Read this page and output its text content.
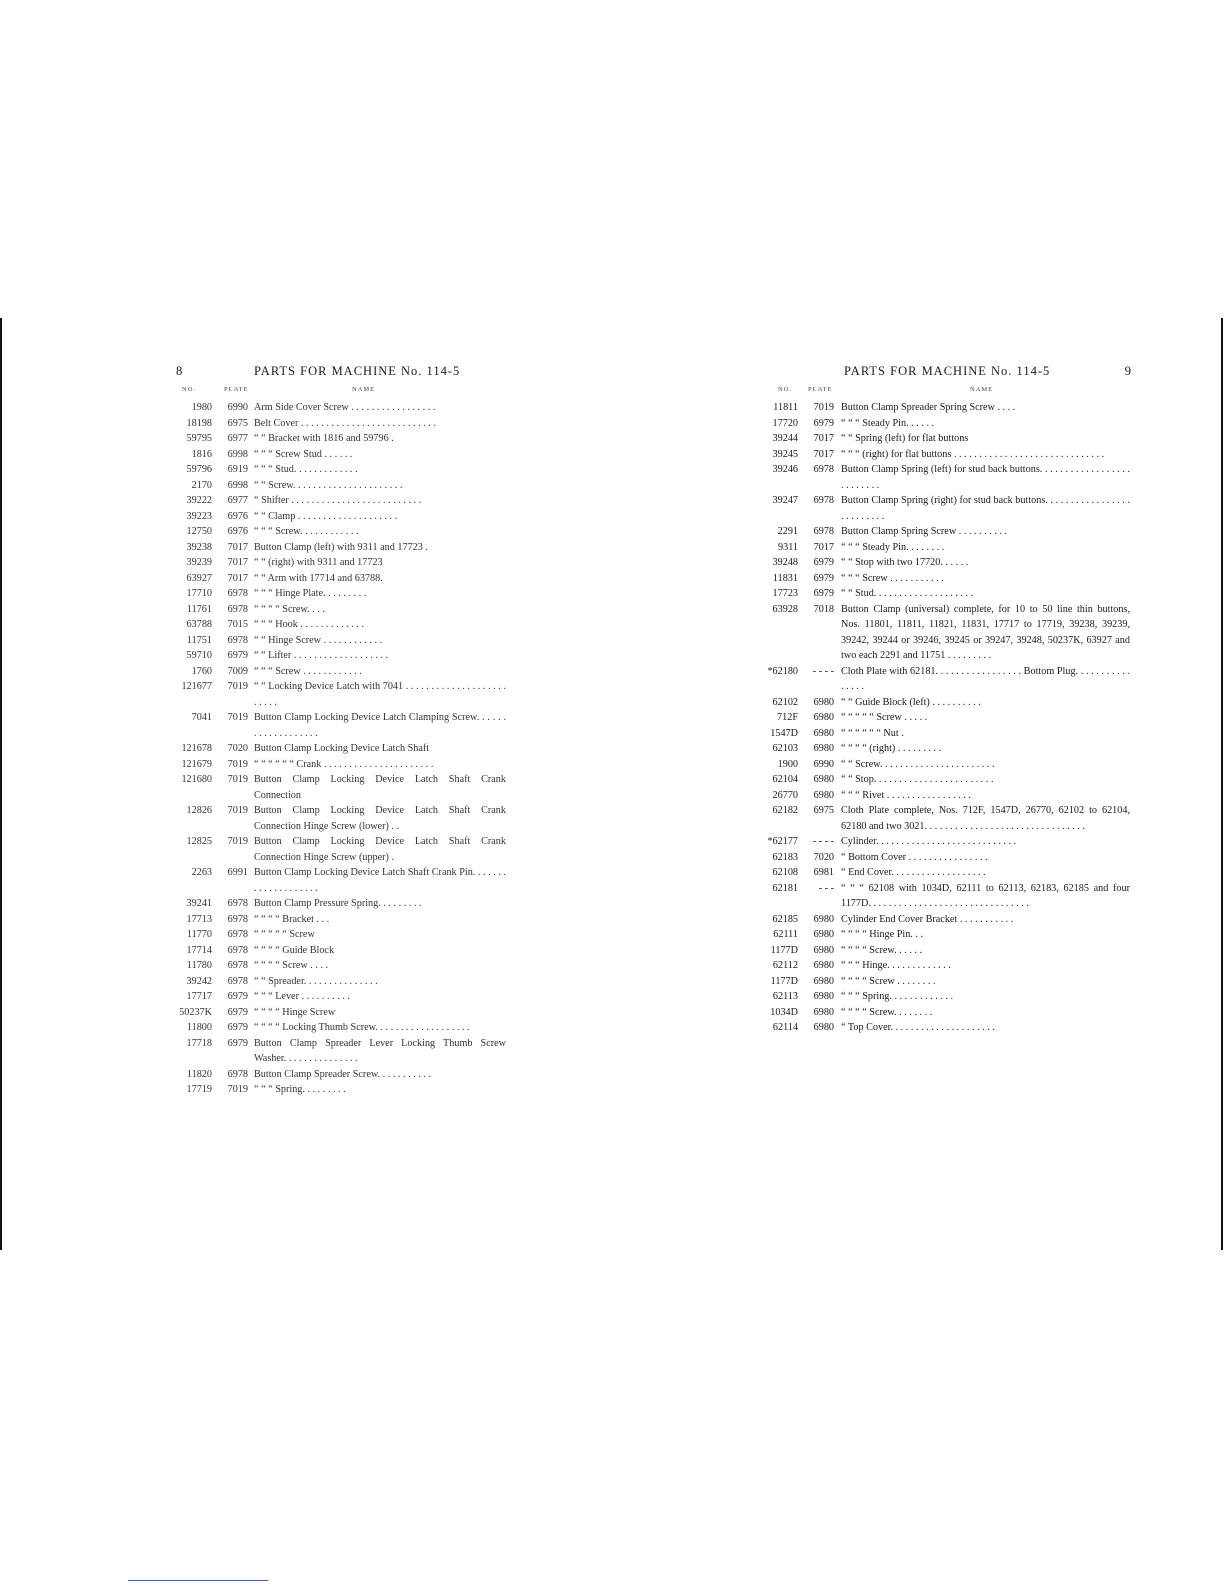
8	PARTS FOR MACHINE No. 114-5
NO.	PLATE	NAME
1980	6990 Arm Side Cover Screw . . . . . . . . . . . . . . . . .
18198	6975 Belt Cover . . . . . . . . . . . . . . . . . . . . . . . . . . .
59795	6977 “ “ Bracket with 1816 and 59796 .
1816	6998 “ “ “ Screw Stud . . . . . .
59796	6919 “ “ “ Stud. . . . . . . . . . . . .
2170	6998 “ “ Screw. . . . . . . . . . . . . . . . . . . . . .
39222	6977 “ Shifter . . . . . . . . . . . . . . . . . . . . . . . . . .
39223	6976 “ “ Clamp . . . . . . . . . . . . . . . . . . . .
12750	6976 “ “ “ Screw. . . . . . . . . . . .
39238	7017 Button Clamp (left) with 9311 and 17723 .
39239	7017 “ “ (right) with 9311 and 17723
63927	7017 “ “ Arm with 17714 and 63788.
17710	6978 “ “ “ Hinge Plate. . . . . . . . .
11761	6978 “ “ “ “ Screw. . . .
63788	7015 “ “ “ Hook . . . . . . . . . . . . .
11751	6978 “ “ Hinge Screw . . . . . . . . . . . .
59710	6979 “ “ Lifter . . . . . . . . . . . . . . . . . . .
1760	7009 “ “ “ Screw . . . . . . . . . . . .
121677	7019 “ “ Locking Device Latch with 7041 . . . . . . . . . . . . . . . . . . . . . . . . .
7041	7019 Button Clamp Locking Device Latch Clamping Screw. . . . . . . . . . . . . . . . . . .
121678	7020 Button Clamp Locking Device Latch Shaft
121679	7019 “ “ “ “ “ “ Crank . . . . . . . . . . . . . . . . . . . . . .
121680	7019 Button Clamp Locking Device Latch Shaft Crank Connection
12826	7019 Button Clamp Locking Device Latch Shaft Crank Connection Hinge Screw (lower) . .
12825	7019 Button Clamp Locking Device Latch Shaft Crank Connection Hinge Screw (upper) .
2263	6991 Button Clamp Locking Device Latch Shaft Crank Pin. . . . . . . . . . . . . . . . . . . .
39241	6978 Button Clamp Pressure Spring. . . . . . . . .
17713	6978 “ “ “ “ Bracket . . .
11770	6978 “ “ “ “ “ Screw
17714	6978 “ “ “ “ Guide Block
11780	6978 “ “ “ “ Screw . . . .
39242	6978 “ “ Spreader. . . . . . . . . . . . . . .
17717	6979 “ “ “ Lever . . . . . . . . . .
50237K	6979 “ “ “ “ Hinge Screw
11800	6979 “ “ “ “ Locking Thumb Screw. . . . . . . . . . . . . . . . . . .
17718	6979 Button Clamp Spreader Lever Locking Thumb Screw Washer. . . . . . . . . . . . . . .
11820	6978 Button Clamp Spreader Screw. . . . . . . . . . .
17719	7019 “ “ “ Spring. . . . . . . . .
PARTS FOR MACHINE No. 114-5	9
NO. PLATE	NAME
11811	7019 Button Clamp Spreader Spring Screw . . . .
17720	6979 “ “ “ Steady Pin. . . . . .
39244	7017 “ “ Spring (left) for flat buttons
39245	7017 “ “ “ (right) for flat buttons . . . . . . . . . . . . . . . . . . . . . . . . . . . . . .
39246	6978 Button Clamp Spring (left) for stud back buttons. . . . . . . . . . . . . . . . . . . . . . . . . .
39247	6978 Button Clamp Spring (right) for stud back buttons. . . . . . . . . . . . . . . . . . . . . . . . . .
2291	6978 Button Clamp Spring Screw . . . . . . . . . .
9311	7017 “ “ “ Steady Pin. . . . . . . .
39248	6979 “ “ Stop with two 17720. . . . . .
11831	6979 “ “ “ Screw . . . . . . . . . . .
17723	6979 “ “ Stud. . . . . . . . . . . . . . . . . . . .
63928	7018 Button Clamp (universal) complete, for 10 to 50 line thin buttons, Nos. 11801, 11811, 11821, 11831, 17717 to 17719, 39238, 39239, 39242, 39244 or 39246, 39245 or 39247, 39248, 50237K, 63927 and two each 2291 and 11751 . . . . . . . . .
*62180	- - - - Cloth Plate with 62181. . . . . . . . . . . . . . . . . Bottom Plug. . . . . . . . . . . . . . . .
62102	6980 “ “ Guide Block (left) . . . . . . . . . .
712F	6980 “ “ “ “ “ Screw . . . . .
1547D	6980 “ “ “ “ “ “ Nut .
62103	6980 “ “ “ “ (right) . . . . . . . . .
1900	6990 “ “ Screw. . . . . . . . . . . . . . . . . . . . . . .
62104	6980 “ “ Stop. . . . . . . . . . . . . . . . . . . . . . . .
26770	6980 “ “ “ Rivet . . . . . . . . . . . . . . . . .
62182	6975 Cloth Plate complete, Nos. 712F, 1547D, 26770, 62102 to 62104, 62180 and two 3021. . . . . . . . . . . . . . . . . . . . . . . . . . . . . . . .
*62177	- - - - Cylinder. . . . . . . . . . . . . . . . . . . . . . . . . . . .
62183	7020 “ Bottom Cover . . . . . . . . . . . . . . . .
62108	6981 “ End Cover. . . . . . . . . . . . . . . . . . .
62181	- - - “ “ “ 62108 with 1034D, 62111 to 62113, 62183, 62185 and four 1177D. . . . . . . . . . . . . . . . . . . . . . . . . . . . . . . .
62185	6980 Cylinder End Cover Bracket . . . . . . . . . . .
62111	6980 “ “ “ “ Hinge Pin. . .
1177D	6980 “ “ “ “ Screw. . . . . .
62112	6980 “ “ “ Hinge. . . . . . . . . . . . .
1177D	6980 “ “ “ “ Screw . . . . . . . .
62113	6980 “ “ “ Spring. . . . . . . . . . . . .
1034D	6980 “ “ “ “ Screw. . . . . . . .
62114	6980 “ Top Cover. . . . . . . . . . . . . . . . . . . . .
